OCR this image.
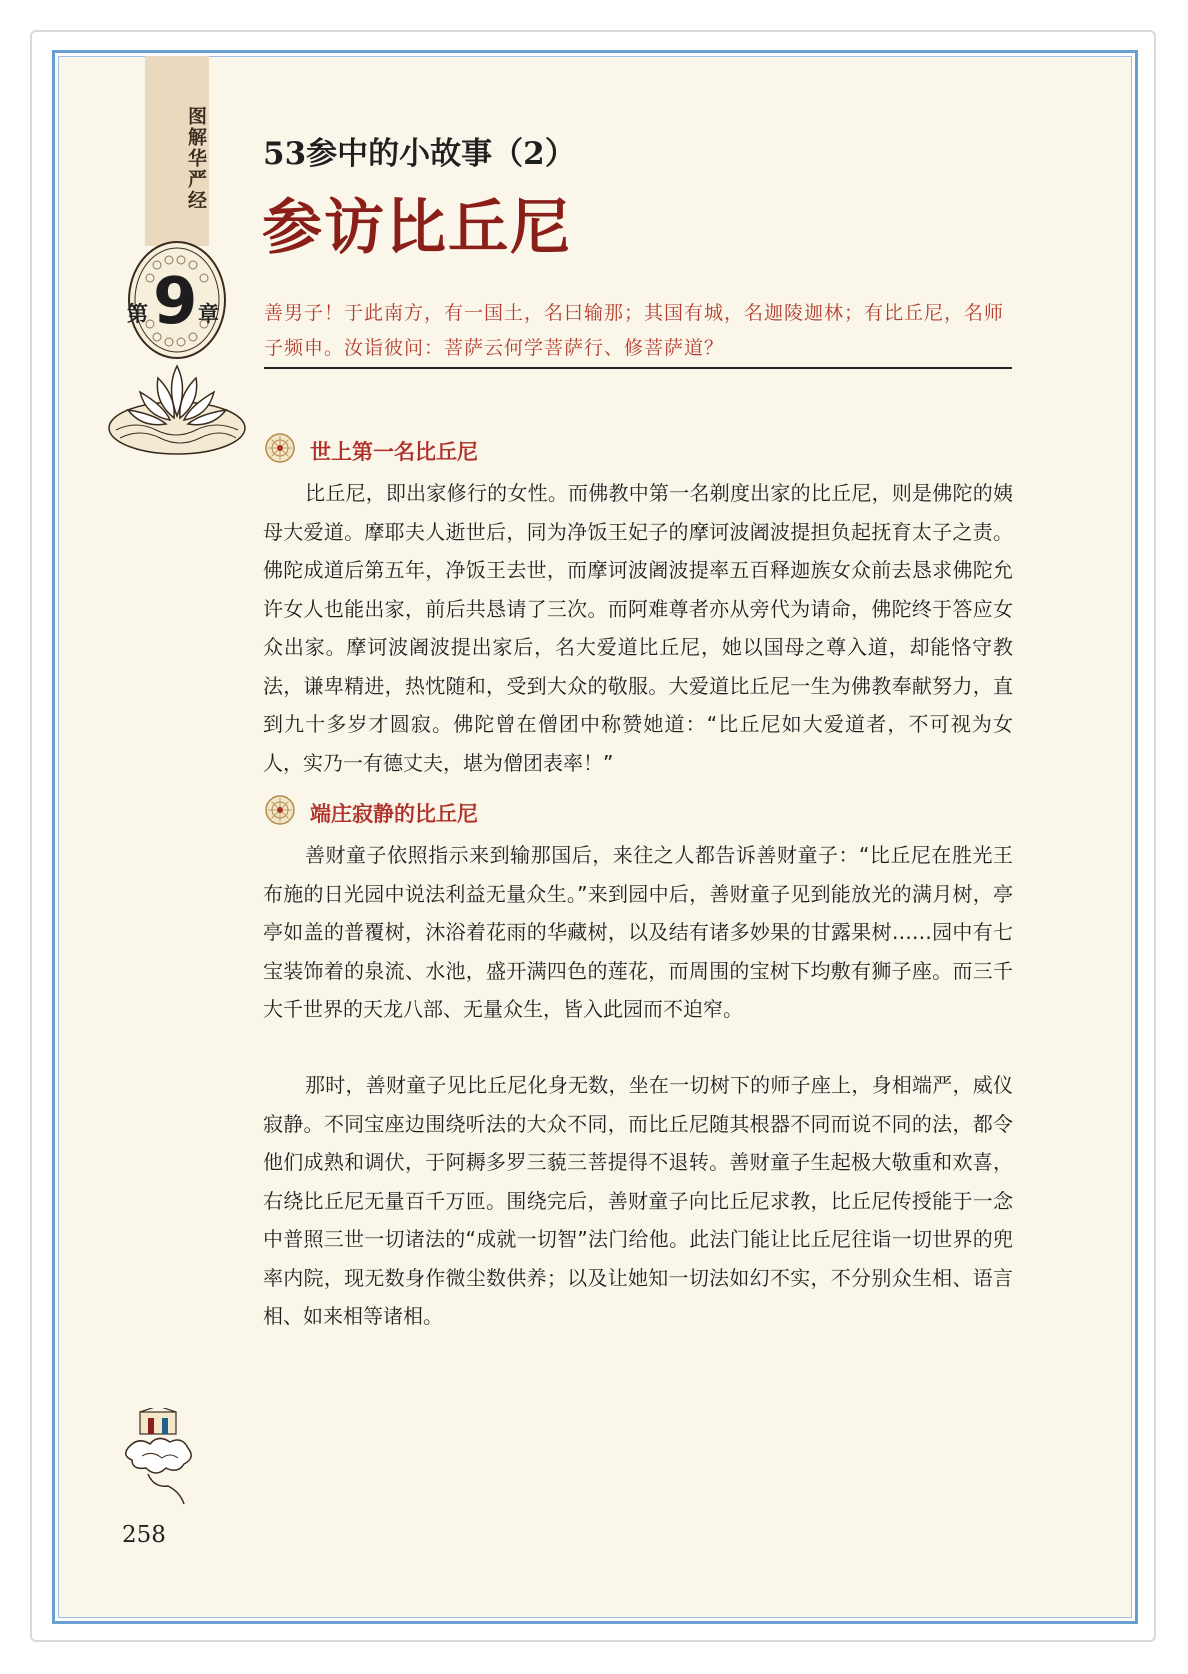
图解华严经
第 9 章
53参中的小故事（2）
参访比丘尼
善男子！于此南方，有一国土，名曰输那；其国有城，名迦陵迦林；有比丘尼，名师子频申。汝诣彼问：菩萨云何学菩萨行、修菩萨道？
世上第一名比丘尼

比丘尼，即出家修行的女性。而佛教中第一名剃度出家的比丘尼，则是佛陀的姨母大爱道。摩耶夫人逝世后，同为净饭王妃子的摩诃波阇波提担负起抚育太子之责。佛陀成道后第五年，净饭王去世，而摩诃波阇波提率五百释迦族女众前去恳求佛陀允许女人也能出家，前后共恳请了三次。而阿难尊者亦从旁代为请命，佛陀终于答应女众出家。摩诃波阇波提出家后，名大爱道比丘尼，她以国母之尊入道，却能恪守教法，谦卑精进，热忱随和，受到大众的敬服。大爱道比丘尼一生为佛教奉献努力，直到九十多岁才圆寂。佛陀曾在僧团中称赞她道：“比丘尼如大爱道者，不可视为女人，实乃一有德丈夫，堪为僧团表率！”

端庄寂静的比丘尼

善财童子依照指示来到输那国后，来往之人都告诉善财童子：“比丘尼在胜光王布施的日光园中说法利益无量众生。”来到园中后，善财童子见到能放光的满月树，亭亭如盖的普覆树，沐浴着花雨的华藏树，以及结有诸多妙果的甘露果树……园中有七宝装饰着的泉流、水池，盛开满四色的莲花，而周围的宝树下均敷有狮子座。而三千大千世界的天龙八部、无量众生，皆入此园而不迫窄。

那时，善财童子见比丘尼化身无数，坐在一切树下的师子座上，身相端严，威仪寂静。不同宝座边围绕听法的大众不同，而比丘尼随其根器不同而说不同的法，都令他们成熟和调伏，于阿耨多罗三藐三菩提得不退转。善财童子生起极大敬重和欢喜，右绕比丘尼无量百千万匝。围绕完后，善财童子向比丘尼求教，比丘尼传授能于一念中普照三世一切诸法的“成就一切智”法门给他。此法门能让比丘尼往诣一切世界的兜率内院，现无数身作微尘数供养；以及让她知一切法如幻不实，不分别众生相、语言相、如来相等诸相。

258
